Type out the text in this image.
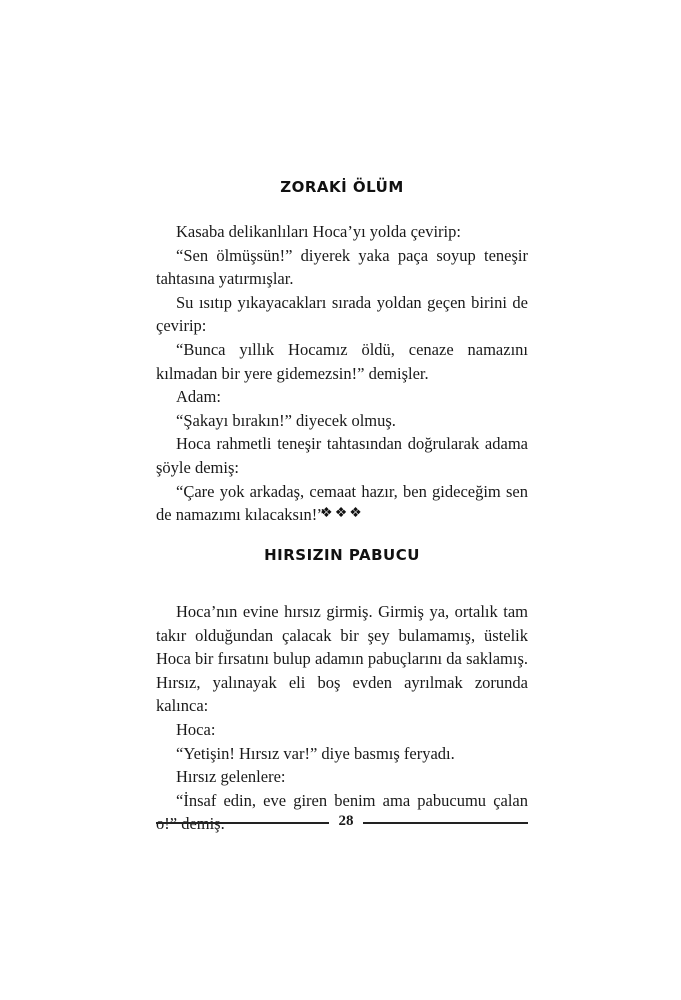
ZORAKİ ÖLÜM

Kasaba delikanlıları Hoca’yı yolda çevirip:

“Sen ölmüşsün!” diyerek yaka paça soyup teneşir tahtasına yatırmışlar.

Su ısıtıp yıkayacakları sırada yoldan geçen birini de çevirip:

“Bunca yıllık Hocamız öldü, cenaze namazını kılmadan bir yere gidemezsin!” demişler.

Adam:

“Şakayı bırakın!” diyecek olmuş.

Hoca rahmetli teneşir tahtasından doğrularak adama şöyle demiş:

“Çare yok arkadaş, cemaat hazır, ben gideceğim sen de namazımı kılacaksın!”

❖❖❖
HIRSIZIN PABUCU

Hoca’nın evine hırsız girmiş. Girmiş ya, ortalık tam takır olduğundan çalacak bir şey bulamamış, üstelik Hoca bir fırsatını bulup adamın pabuçlarını da saklamış. Hırsız, yalınayak eli boş evden ayrılmak zorunda kalınca:

Hoca:

“Yetişin! Hırsız var!” diye basmış feryadı.

Hırsız gelenlere:

“İnsaf edin, eve giren benim ama pabucumu çalan

28
